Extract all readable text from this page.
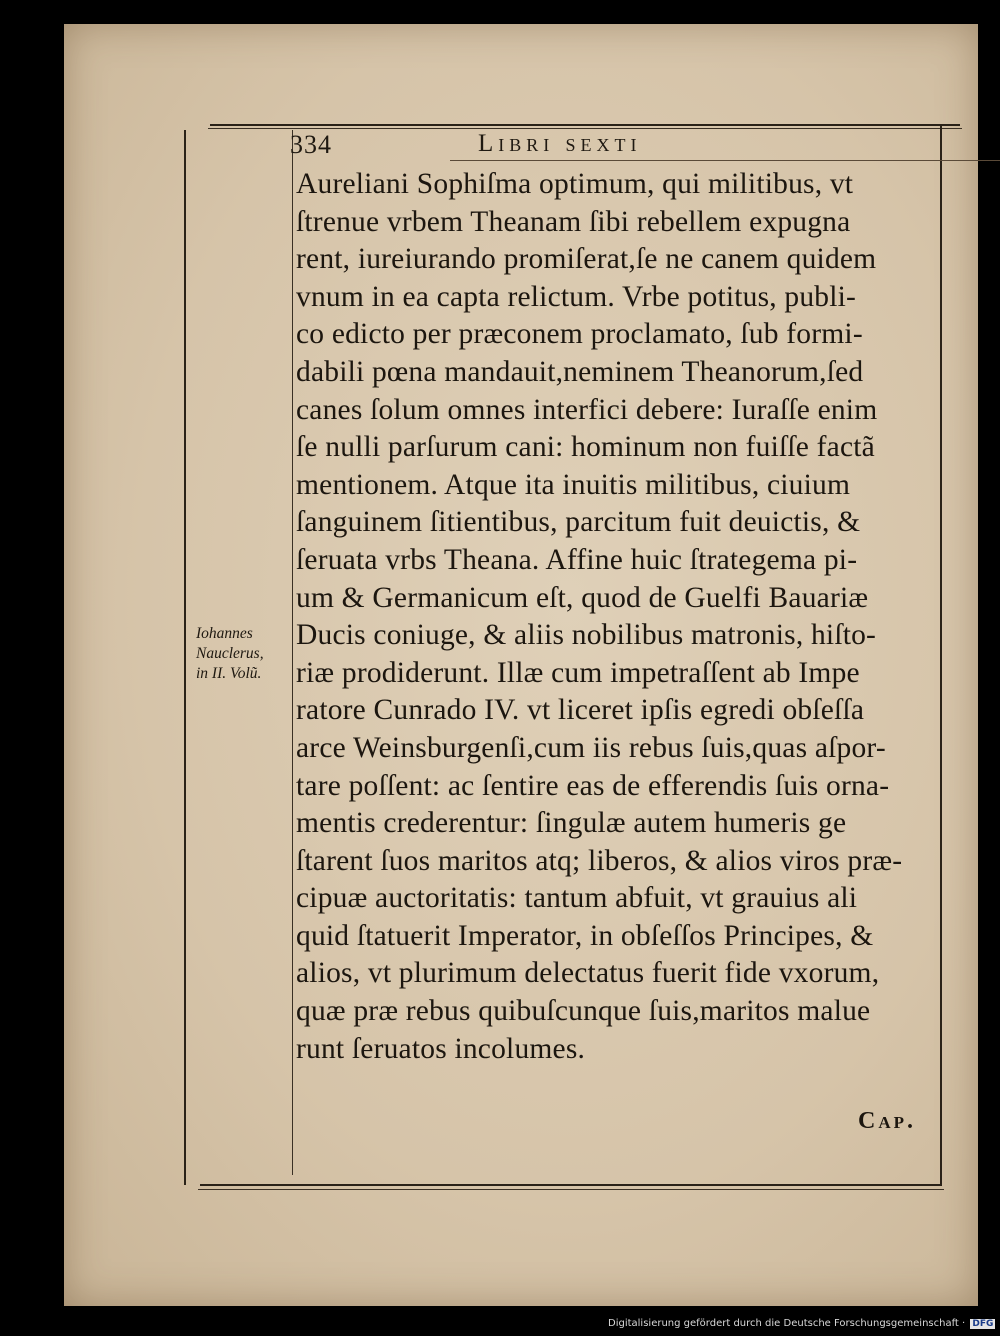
334	Libri sexti
Aureliani Sophiſma optimum, qui militibus, vt
ſtrenue vrbem Theanam ſibi rebellem expugna
rent, iureiurando promiſerat,ſe ne canem quidem
vnum in ea capta relictum. Vrbe potitus, publi-
co edicto per præconem proclamato, ſub formi-
dabili pœna mandauit,neminem Theanorum,ſed
canes ſolum omnes interfici debere: Iuraſſe enim
ſe nulli parſurum cani: hominum non fuiſſe factã
mentionem. Atque ita inuitis militibus, ciuium
ſanguinem ſitientibus, parcitum fuit deuictis, &
ſeruata vrbs Theana. Affine huic ſtrategema pi-
um & Germanicum eſt, quod de Guelfi Bauariæ
Ducis coniuge, & aliis nobilibus matronis, hiſto-
riæ prodiderunt. Illæ cum impetraſſent ab Impe
ratore Cunrado IV. vt liceret ipſis egredi obſeſſa
arce Weinsburgenſi,cum iis rebus ſuis,quas aſpor-
tare poſſent: ac ſentire eas de efferendis ſuis orna-
mentis crederentur: ſingulæ autem humeris ge
ſtarent ſuos maritos atq; liberos, & alios viros præ-
cipuæ auctoritatis: tantum abfuit, vt grauius ali
quid ſtatuerit Imperator, in obſeſſos Principes, &
alios, vt plurimum delectatus fuerit fide vxorum,
quæ præ rebus quibuſcunque ſuis,maritos malue
runt ſeruatos incolumes.
Iohannes
Nauclerus,
in II. Volũ.
Cap.
Digitalisierung gefördert durch die Deutsche Forschungsgemeinschaft · DFG
